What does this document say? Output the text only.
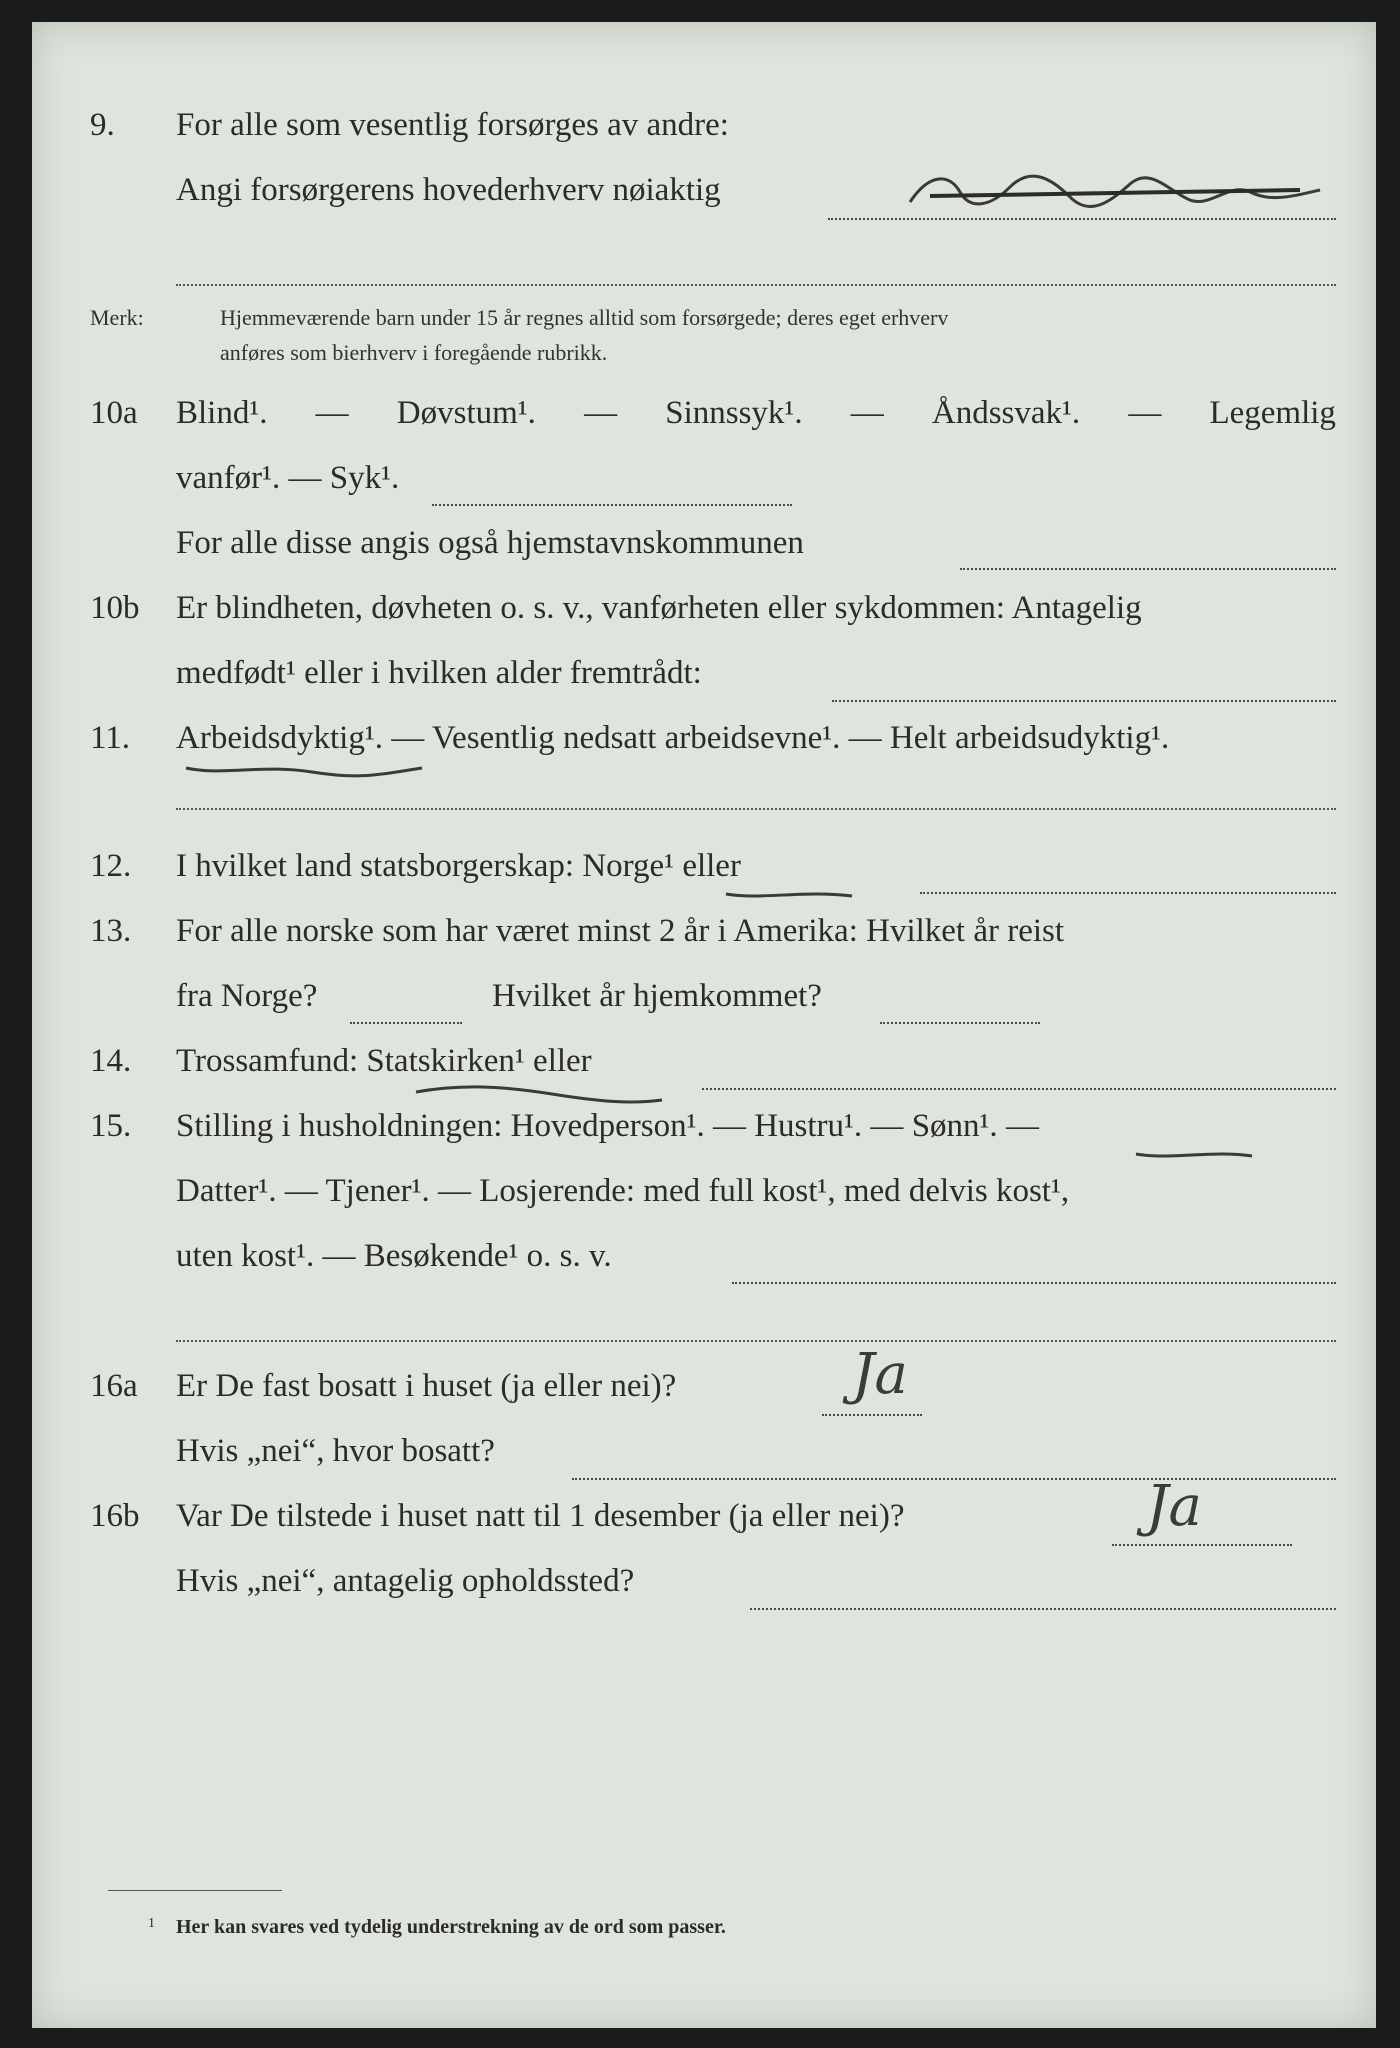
9.	For alle som vesentlig forsørges av andre:
Angi forsørgerens hovederhverv nøiaktig
Merk:	Hjemmeværende barn under 15 år regnes alltid som forsørgede; deres eget erhverv
anføres som bierhverv i foregående rubrikk.
10a	Blind¹. — Døvstum¹. — Sinnssyk¹. — Åndssvak¹. — Legemlig
vanfør¹. — Syk¹.
For alle disse angis også hjemstavnskommunen
10b	Er blindheten, døvheten o. s. v., vanførheten eller sykdommen: Antagelig
medfødt¹ eller i hvilken alder fremtrådt:
11.	Arbeidsdyktig¹. — Vesentlig nedsatt arbeidsevne¹. — Helt arbeidsudyktig¹.
12.	I hvilket land statsborgerskap: Norge¹ eller
13.	For alle norske som har været minst 2 år i Amerika: Hvilket år reist
fra Norge?	Hvilket år hjemkommet?
14.	Trossamfund: Statskirken¹ eller
15.	Stilling i husholdningen: Hovedperson¹. — Hustru¹. — Sønn¹. —
Datter¹. — Tjener¹. — Losjerende: med full kost¹, med delvis kost¹,
uten kost¹. — Besøkende¹ o. s. v.
16a	Er De fast bosatt i huset (ja eller nei)?	Ja
Hvis „nei“, hvor bosatt?
16b	Var De tilstede i huset natt til 1 desember (ja eller nei)?	Ja
Hvis „nei“, antagelig opholdssted?
1 Her kan svares ved tydelig understrekning av de ord som passer.
